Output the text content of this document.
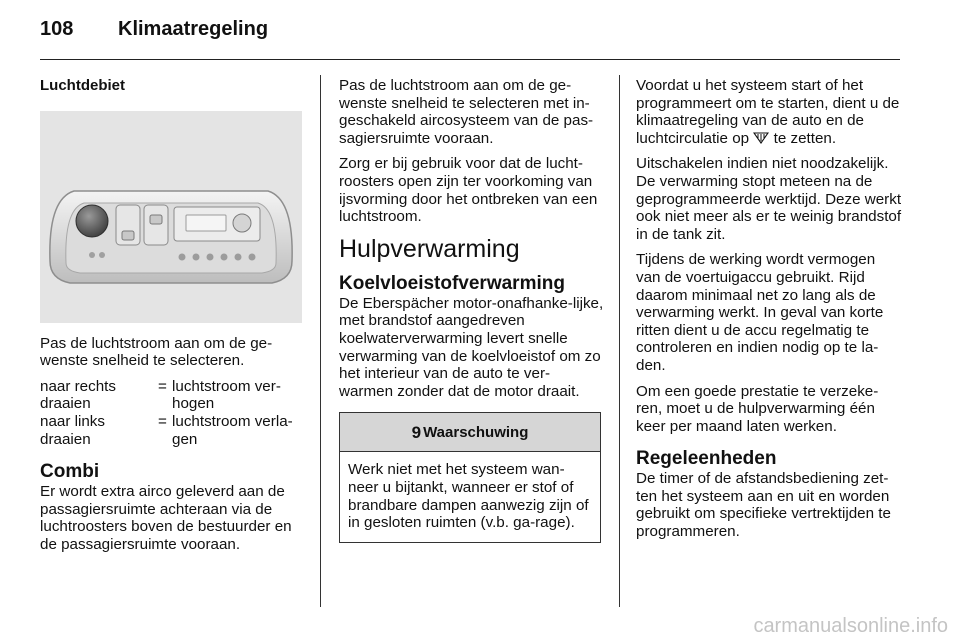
108 Klimaatregeling
Luchtdebiet

Pas de luchtstroom aan om de ge-wenste snelheid te selecteren.

naar rechts draaien
= luchtstroom ver-hogen
naar links draaien
= luchtstroom verla-gen
Combi

Er wordt extra airco geleverd aan de passagiersruimte achteraan via de luchtroosters boven de bestuurder en de passagiersruimte vooraan.

Pas de luchtstroom aan om de ge-wenste snelheid te selecteren met in-geschakeld aircosysteem van de pas-sagiersruimte vooraan.

Zorg er bij gebruik voor dat de lucht-roosters open zijn ter voorkoming van ijsvorming door het ontbreken van een luchtstroom.

Hulpverwarming
Koelvloeistofverwarming

De Eberspächer motor-onafhanke-lijke, met brandstof aangedreven koelwaterverwarming levert snelle verwarming van de koelvloeistof om zo het interieur van de auto te ver-warmen zonder dat de motor draait.

9 Waarschuwing
Werk niet met het systeem wan-neer u bijtankt, wanneer er stof of brandbare dampen aanwezig zijn of in gesloten ruimten (v.b. ga-rage).

Voordat u het systeem start of het programmeert om te starten, dient u de klimaatregeling van de auto en de luchtcirculatie op te zetten.

Uitschakelen indien niet noodzakelijk. De verwarming stopt meteen na de geprogrammeerde werktijd. Deze werkt ook niet meer als er te weinig brandstof in de tank zit.

Tijdens de werking wordt vermogen van de voertuigaccu gebruikt. Rijd daarom minimaal net zo lang als de verwarming werkt. In geval van korte ritten dient u de accu regelmatig te controleren en indien nodig op te la-den.

Om een goede prestatie te verzeke-ren, moet u de hulpverwarming één keer per maand laten werken.

Regeleenheden

De timer of de afstandsbediening zet-ten het systeem aan en uit en worden gebruikt om specifieke vertrektijden te programmeren.

carmanualsonline.info
